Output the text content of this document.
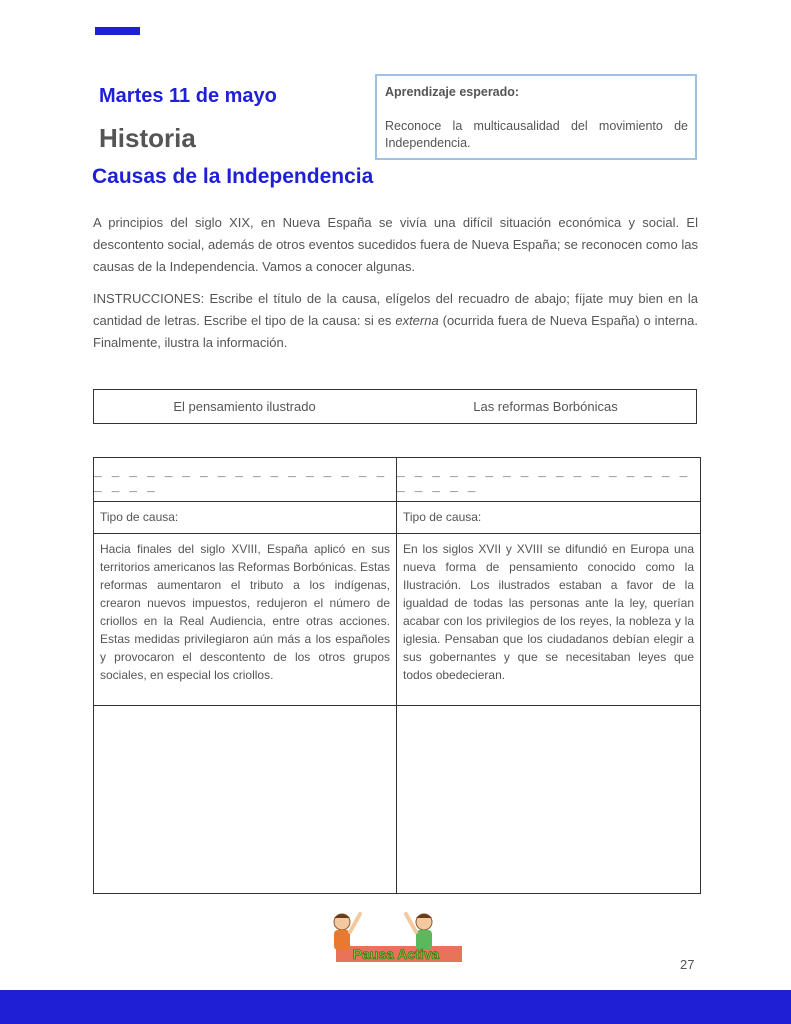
Martes 11 de mayo
Historia
Causas de la Independencia
Aprendizaje esperado:
Reconoce la multicausalidad del movimiento de Independencia.
A principios del siglo XIX, en Nueva España se vivía una difícil situación económica y social. El descontento social, además de otros eventos sucedidos fuera de Nueva España; se reconocen como las causas de la Independencia. Vamos a conocer algunas.
INSTRUCCIONES: Escribe el título de la causa, elígelos del recuadro de abajo; fíjate muy bien en la cantidad de letras. Escribe el tipo de la causa: si es externa (ocurrida fuera de Nueva España) o interna. Finalmente, ilustra la información.
El pensamiento ilustrado	Las reformas Borbónicas
_ _ _ _ _ _ _ _ _ _ _ _ _ _ _ _ _ _ _ _ _
_ _ _ _ _ _ _ _ _ _ _ _ _ _ _ _ _ _ _ _ _ _
Tipo de causa:	Tipo de causa:
Hacia finales del siglo XVIII, España aplicó en sus territorios americanos las Reformas Borbónicas. Estas reformas aumentaron el tributo a los indígenas, crearon nuevos impuestos, redujeron el número de criollos en la Real Audiencia, entre otras acciones. Estas medidas privilegiaron aún más a los españoles y provocaron el descontento de los otros grupos sociales, en especial los criollos.
En los siglos XVII y XVIII se difundió en Europa una nueva forma de pensamiento conocido como la Ilustración. Los ilustrados estaban a favor de la igualdad de todas las personas ante la ley, querían acabar con los privilegios de los reyes, la nobleza y la iglesia. Pensaban que los ciudadanos debían elegir a sus gobernantes y que se necesitaban leyes que todos obedecieran.
Pausa Activa
27
